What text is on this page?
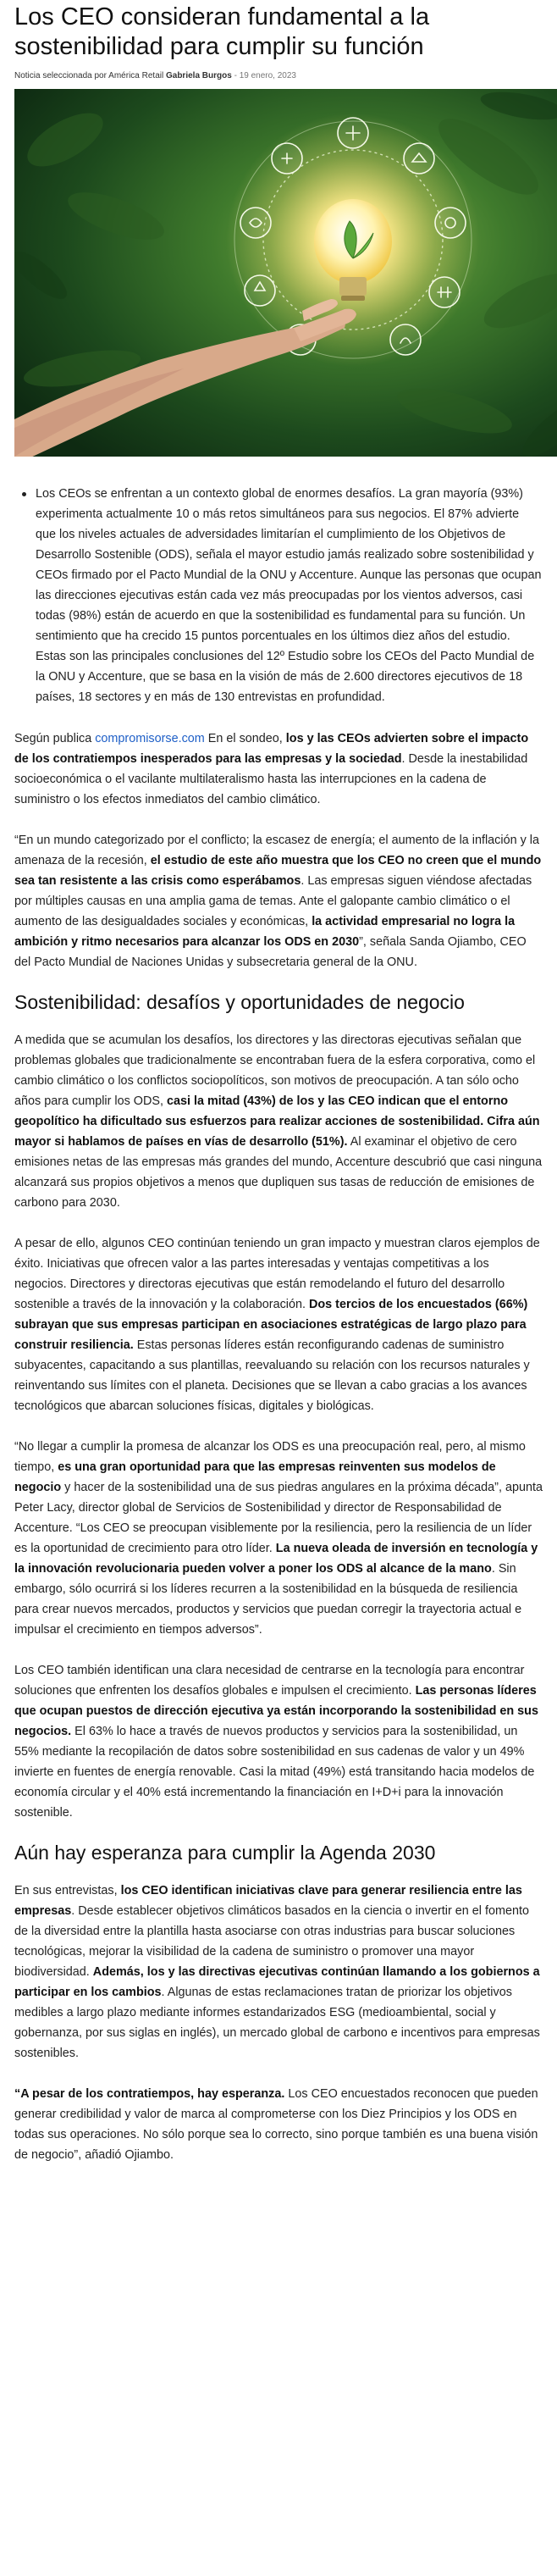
Los CEO consideran fundamental a la sostenibilidad para cumplir su función
Noticia seleccionada por América Retail Gabriela Burgos - 19 enero, 2023
Los CEOs se enfrentan a un contexto global de enormes desafíos. La gran mayoría (93%) experimenta actualmente 10 o más retos simultáneos para sus negocios. El 87% advierte que los niveles actuales de adversidades limitarían el cumplimiento de los Objetivos de Desarrollo Sostenible (ODS), señala el mayor estudio jamás realizado sobre sostenibilidad y CEOs firmado por el Pacto Mundial de la ONU y Accenture. Aunque las personas que ocupan las direcciones ejecutivas están cada vez más preocupadas por los vientos adversos, casi todas (98%) están de acuerdo en que la sostenibilidad es fundamental para su función. Un sentimiento que ha crecido 15 puntos porcentuales en los últimos diez años del estudio. Estas son las principales conclusiones del 12º Estudio sobre los CEOs del Pacto Mundial de la ONU y Accenture, que se basa en la visión de más de 2.600 directores ejecutivos de 18 países, 18 sectores y en más de 130 entrevistas en profundidad.

Según publica compromisorse.com En el sondeo, los y las CEOs advierten sobre el impacto de los contratiempos inesperados para las empresas y la sociedad. Desde la inestabilidad socioeconómica o el vacilante multilateralismo hasta las interrupciones en la cadena de suministro o los efectos inmediatos del cambio climático.

“En un mundo categorizado por el conflicto; la escasez de energía; el aumento de la inflación y la amenaza de la recesión, el estudio de este año muestra que los CEO no creen que el mundo sea tan resistente a las crisis como esperábamos. Las empresas siguen viéndose afectadas por múltiples causas en una amplia gama de temas. Ante el galopante cambio climático o el aumento de las desigualdades sociales y económicas, la actividad empresarial no logra la ambición y ritmo necesarios para alcanzar los ODS en 2030”, señala Sanda Ojiambo, CEO del Pacto Mundial de Naciones Unidas y subsecretaria general de la ONU.

Sostenibilidad: desafíos y oportunidades de negocio

A medida que se acumulan los desafíos, los directores y las directoras ejecutivas señalan que problemas globales que tradicionalmente se encontraban fuera de la esfera corporativa, como el cambio climático o los conflictos sociopolíticos, son motivos de preocupación. A tan sólo ocho años para cumplir los ODS, casi la mitad (43%) de los y las CEO indican que el entorno geopolítico ha dificultado sus esfuerzos para realizar acciones de sostenibilidad. Cifra aún mayor si hablamos de países en vías de desarrollo (51%). Al examinar el objetivo de cero emisiones netas de las empresas más grandes del mundo, Accenture descubrió que casi ninguna alcanzará sus propios objetivos a menos que dupliquen sus tasas de reducción de emisiones de carbono para 2030.

A pesar de ello, algunos CEO continúan teniendo un gran impacto y muestran claros ejemplos de éxito. Iniciativas que ofrecen valor a las partes interesadas y ventajas competitivas a los negocios. Directores y directoras ejecutivas que están remodelando el futuro del desarrollo sostenible a través de la innovación y la colaboración. Dos tercios de los encuestados (66%) subrayan que sus empresas participan en asociaciones estratégicas de largo plazo para construir resiliencia. Estas personas líderes están reconfigurando cadenas de suministro subyacentes, capacitando a sus plantillas, reevaluando su relación con los recursos naturales y reinventando sus límites con el planeta. Decisiones que se llevan a cabo gracias a los avances tecnológicos que abarcan soluciones físicas, digitales y biológicas.

“No llegar a cumplir la promesa de alcanzar los ODS es una preocupación real, pero, al mismo tiempo, es una gran oportunidad para que las empresas reinventen sus modelos de negocio y hacer de la sostenibilidad una de sus piedras angulares en la próxima década”, apunta Peter Lacy, director global de Servicios de Sostenibilidad y director de Responsabilidad de Accenture. “Los CEO se preocupan visiblemente por la resiliencia, pero la resiliencia de un líder es la oportunidad de crecimiento para otro líder. La nueva oleada de inversión en tecnología y la innovación revolucionaria pueden volver a poner los ODS al alcance de la mano. Sin embargo, sólo ocurrirá si los líderes recurren a la sostenibilidad en la búsqueda de resiliencia para crear nuevos mercados, productos y servicios que puedan corregir la trayectoria actual e impulsar el crecimiento en tiempos adversos”.

Los CEO también identifican una clara necesidad de centrarse en la tecnología para encontrar soluciones que enfrenten los desafíos globales e impulsen el crecimiento. Las personas líderes que ocupan puestos de dirección ejecutiva ya están incorporando la sostenibilidad en sus negocios. El 63% lo hace a través de nuevos productos y servicios para la sostenibilidad, un 55% mediante la recopilación de datos sobre sostenibilidad en sus cadenas de valor y un 49% invierte en fuentes de energía renovable. Casi la mitad (49%) está transitando hacia modelos de economía circular y el 40% está incrementando la financiación en I+D+i para la innovación sostenible.

Aún hay esperanza para cumplir la Agenda 2030

En sus entrevistas, los CEO identifican iniciativas clave para generar resiliencia entre las empresas. Desde establecer objetivos climáticos basados en la ciencia o invertir en el fomento de la diversidad entre la plantilla hasta asociarse con otras industrias para buscar soluciones tecnológicas, mejorar la visibilidad de la cadena de suministro o promover una mayor biodiversidad. Además, los y las directivas ejecutivas continúan llamando a los gobiernos a participar en los cambios. Algunas de estas reclamaciones tratan de priorizar los objetivos medibles a largo plazo mediante informes estandarizados ESG (medioambiental, social y gobernanza, por sus siglas en inglés), un mercado global de carbono e incentivos para empresas sostenibles.

“A pesar de los contratiempos, hay esperanza. Los CEO encuestados reconocen que pueden generar credibilidad y valor de marca al comprometerse con los Diez Principios y los ODS en todas sus operaciones. No sólo porque sea lo correcto, sino porque también es una buena visión de negocio”, añadió Ojiambo.
